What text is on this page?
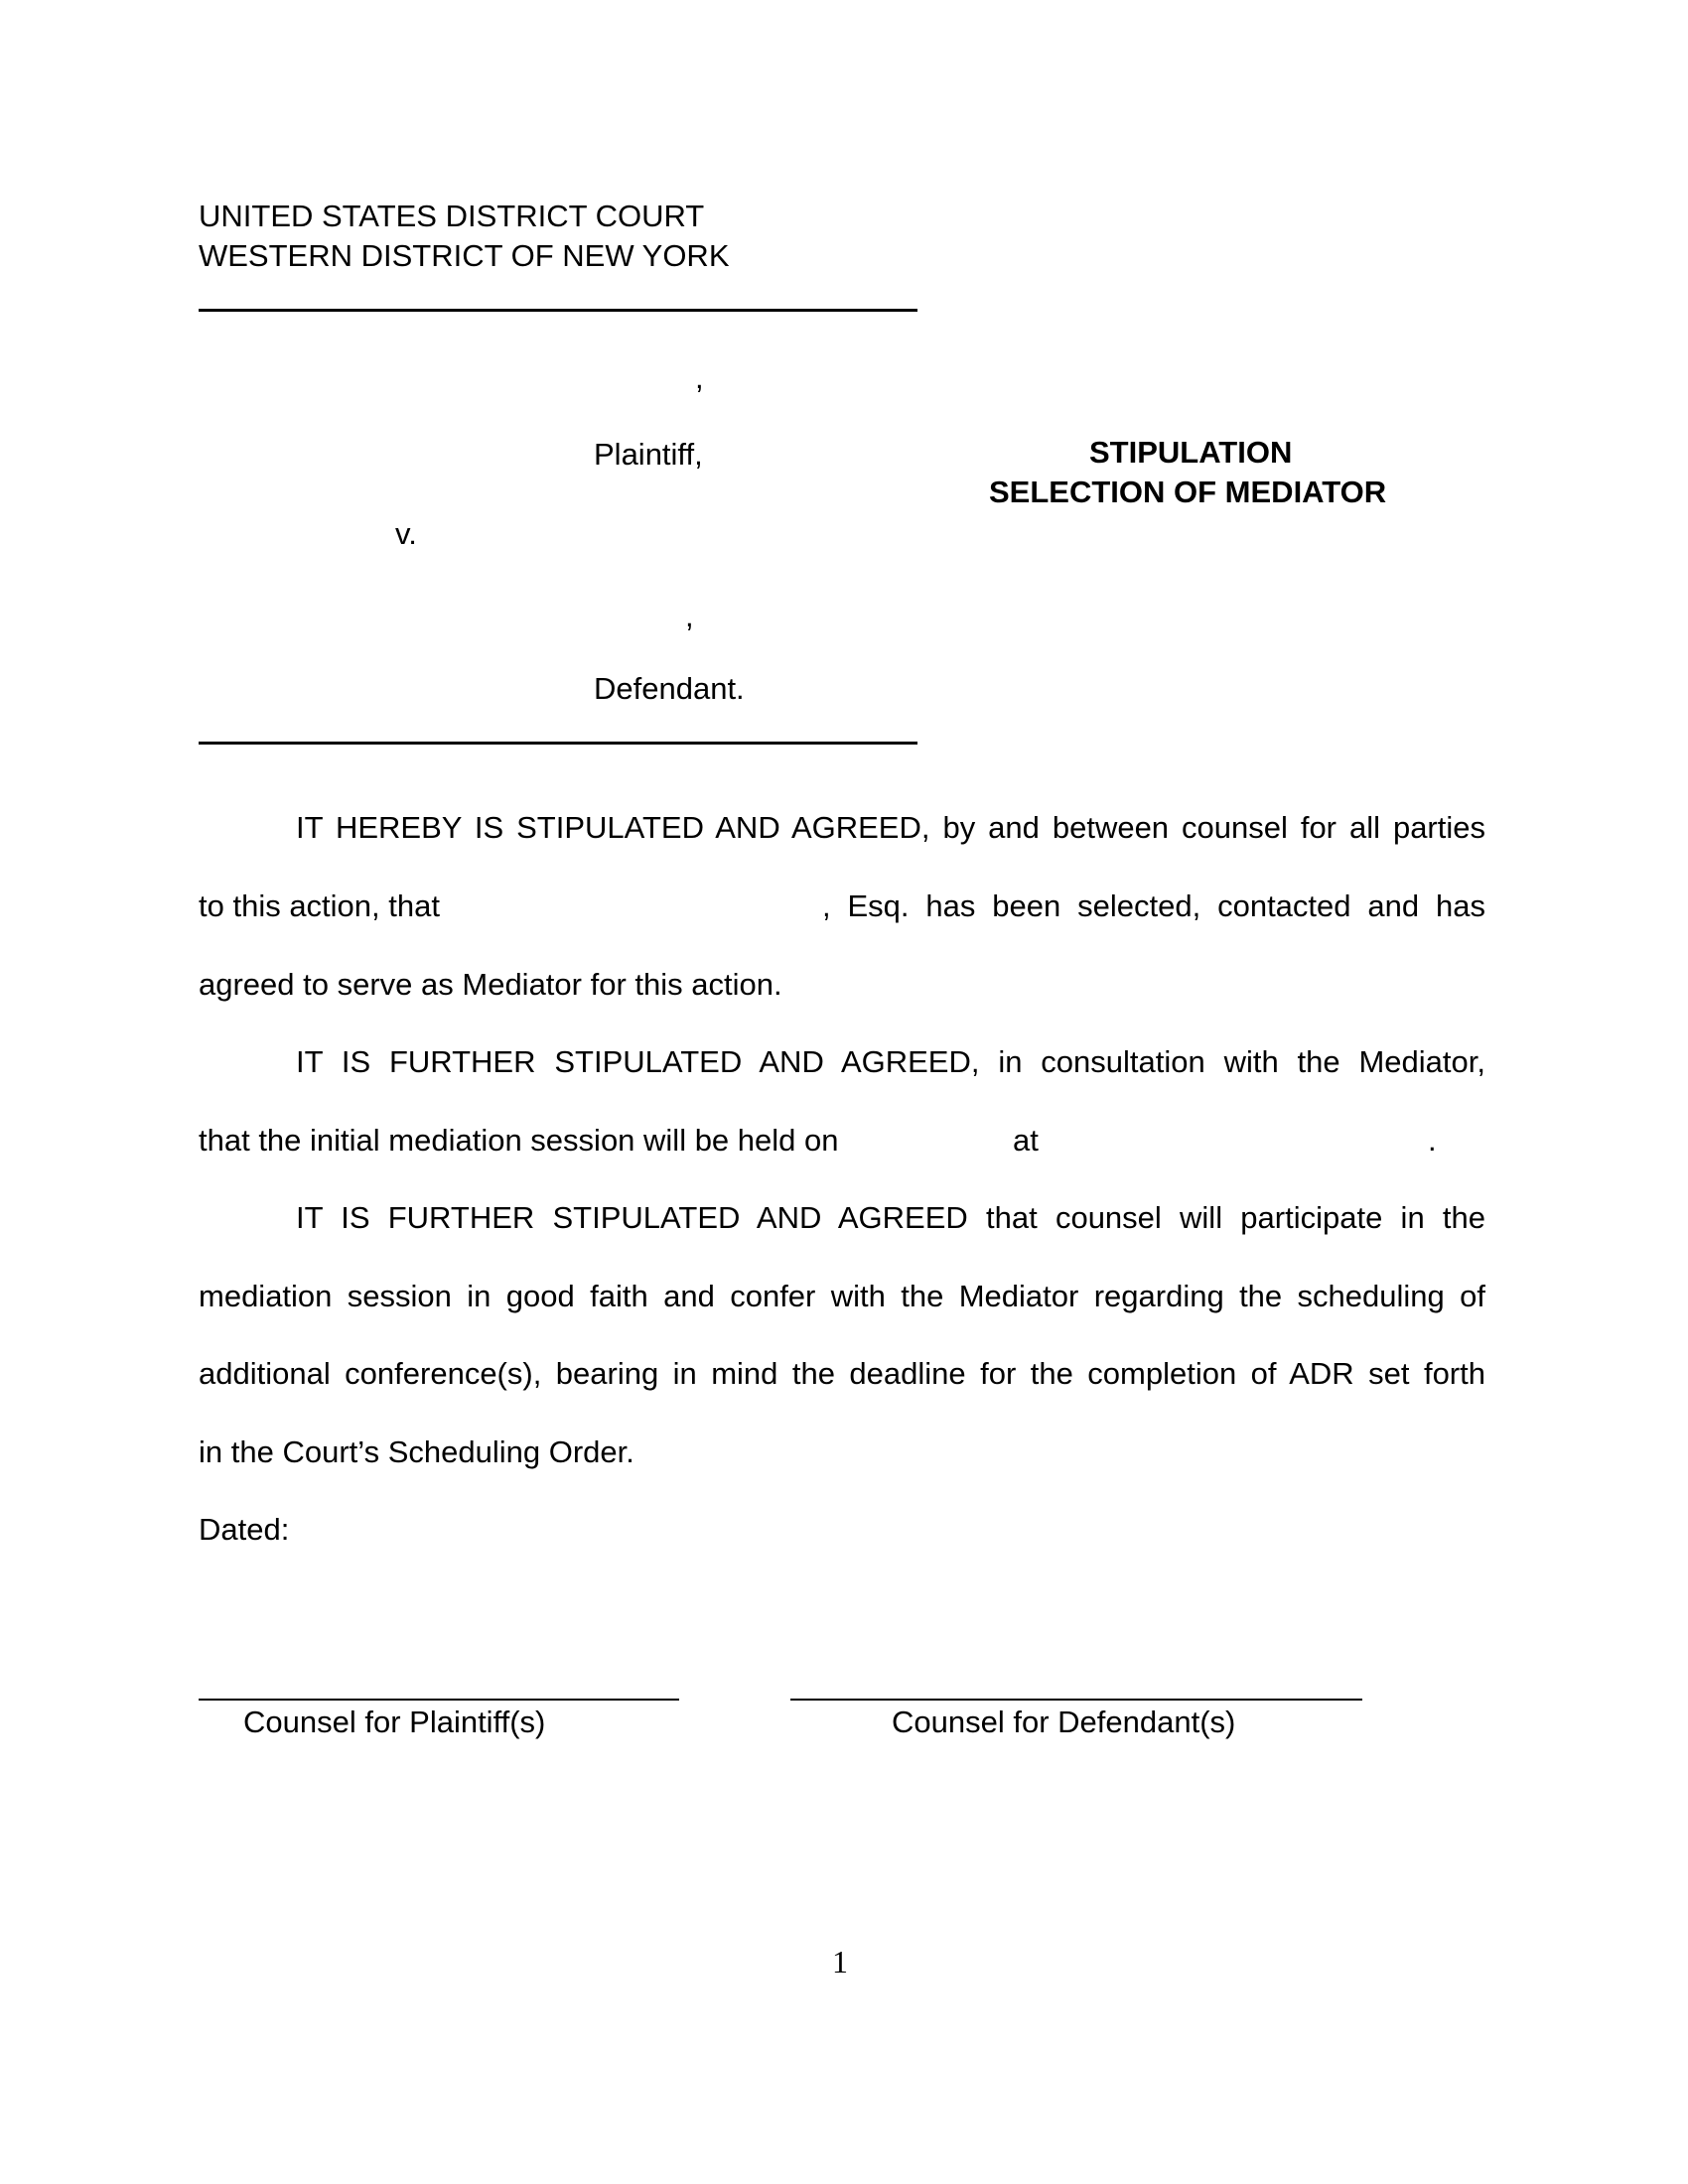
UNITED STATES DISTRICT COURT
WESTERN DISTRICT OF NEW YORK
,
Plaintiff,
v.
,
Defendant.
STIPULATION
SELECTION OF MEDIATOR
IT HEREBY IS STIPULATED AND AGREED, by and between counsel for all parties
to this action, that	, Esq. has been selected, contacted and has
agreed to serve as Mediator for this action.
IT IS FURTHER STIPULATED AND AGREED, in consultation with the Mediator,
that the initial mediation session will be held on	at	.
IT IS FURTHER STIPULATED AND AGREED that counsel will participate in the
mediation session in good faith and confer with the Mediator regarding the scheduling of
additional conference(s), bearing in mind the deadline for the completion of ADR set forth
in the Court’s Scheduling Order.
Dated:
Counsel for Plaintiff(s)	Counsel for Defendant(s)
1
